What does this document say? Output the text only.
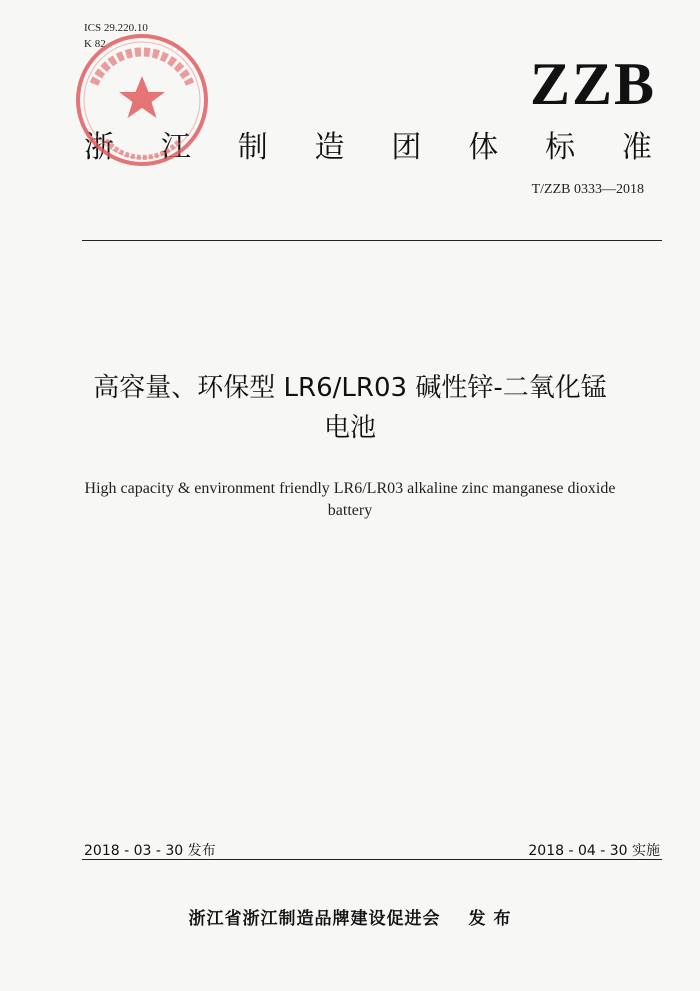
ICS 29.220.10
K 82
ZZB
浙 江 制 造 团 体 标 准
T/ZZB 0333—2018
高容量、环保型 LR6/LR03 碱性锌-二氧化锰
电池
High capacity & environment friendly LR6/LR03 alkaline zinc manganese dioxide
battery
2018 - 03 - 30 发布	2018 - 04 - 30 实施
浙江省浙江制造品牌建设促进会 发 布
